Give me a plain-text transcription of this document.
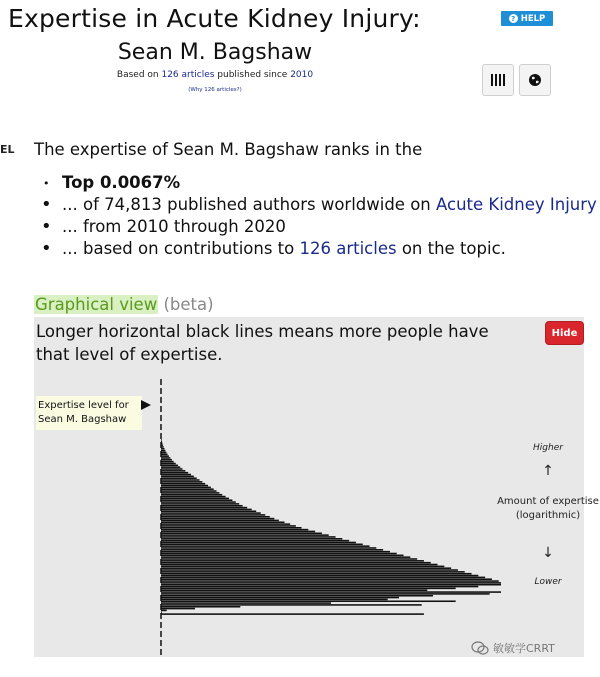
Expertise in Acute Kidney Injury:
Sean M. Bagshaw
Based on 126 articles published since 2010
(Why 126 articles?)
? HELP
EL The expertise of Sean M. Bagshaw ranks in the
• Top 0.0067%
• ... of 74,813 published authors worldwide on Acute Kidney Injury
• ... from 2010 through 2020
• ... based on contributions to 126 articles on the topic.
Graphical view (beta)
Longer horizontal black lines means more people have that level of expertise.
Hide
Expertise level for Sean M. Bagshaw
Higher
↑
Amount of expertise (logarithmic)
↓
Lower
敏敏学CRRT
